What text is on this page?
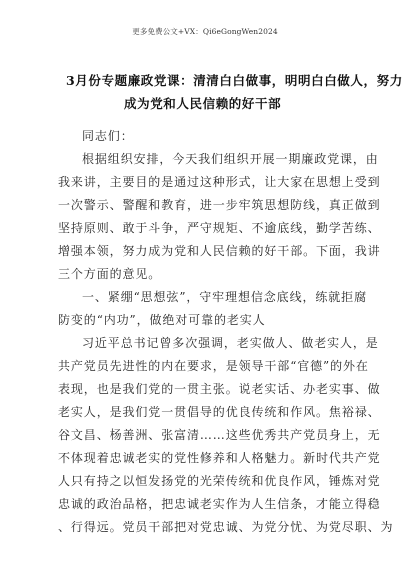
更多免费公文+VX：Qi6eGongWen2024
3月份专题廉政党课：清清白白做事，明明白白做人，努力
成为党和人民信赖的好干部
同志们：
根据组织安排，今天我们组织开展一期廉政党课，由
我来讲，主要目的是通过这种形式，让大家在思想上受到
一次警示、警醒和教育，进一步牢筑思想防线，真正做到
坚持原则、敢于斗争，严守规矩、不逾底线，勤学苦练、
增强本领，努力成为党和人民信赖的好干部。下面，我讲
三个方面的意见。
一、紧绷“思想弦”，守牢理想信念底线，练就拒腐
防变的“内功”，做绝对可靠的老实人
习近平总书记曾多次强调，老实做人、做老实人，是
共产党员先进性的内在要求，是领导干部“官德”的外在
表现，也是我们党的一贯主张。说老实话、办老实事、做
老实人，是我们党一贯倡导的优良传统和作风。焦裕禄、
谷文昌、杨善洲、张富清……这些优秀共产党员身上，无
不体现着忠诚老实的党性修养和人格魅力。新时代共产党
人只有持之以恒发扬党的光荣传统和优良作风，锤炼对党
忠诚的政治品格，把忠诚老实作为人生信条，才能立得稳
、行得远。党员干部把对党忠诚、为党分忧、为党尽职、为
